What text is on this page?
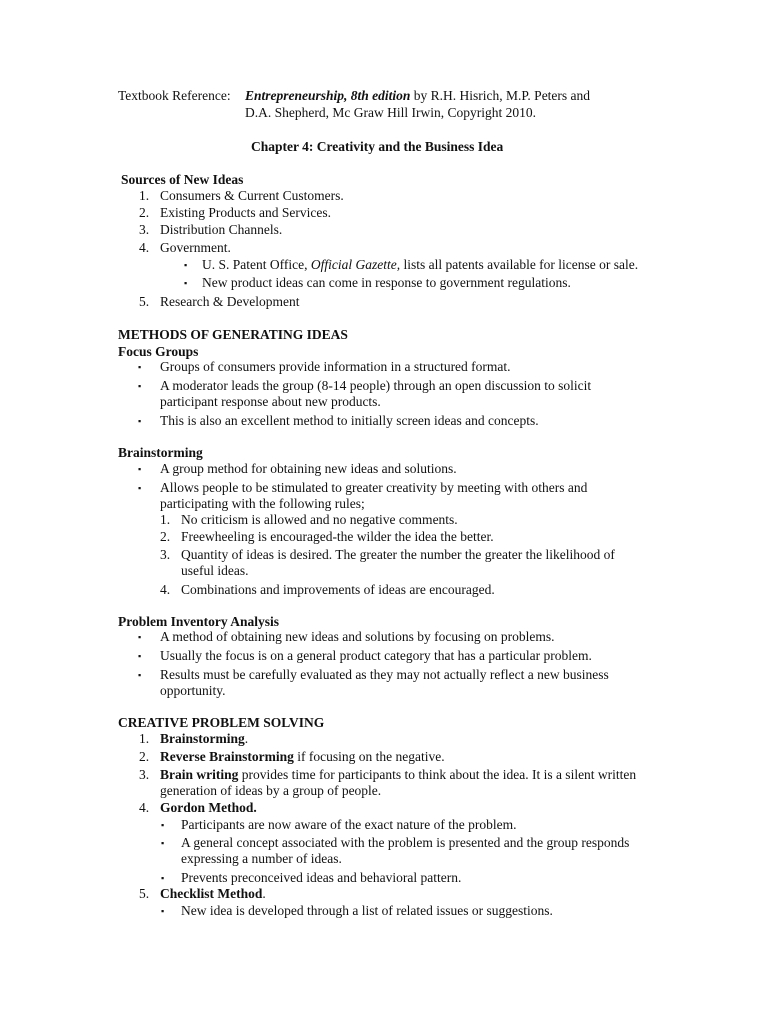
Textbook Reference: Entrepreneurship, 8th edition by R.H. Hisrich, M.P. Peters and
D.A. Shepherd, Mc Graw Hill Irwin, Copyright 2010.
Chapter 4: Creativity and the Business Idea
Sources of New Ideas
1. Consumers & Current Customers.
2. Existing Products and Services.
3. Distribution Channels.
4. Government.
▪ U. S. Patent Office, Official Gazette, lists all patents available for license or sale.
▪ New product ideas can come in response to government regulations.
5. Research & Development
METHODS OF GENERATING IDEAS
Focus Groups
▪ Groups of consumers provide information in a structured format.
▪ A moderator leads the group (8-14 people) through an open discussion to solicit
participant response about new products.
▪ This is also an excellent method to initially screen ideas and concepts.
Brainstorming
▪ A group method for obtaining new ideas and solutions.
▪ Allows people to be stimulated to greater creativity by meeting with others and
participating with the following rules;
1. No criticism is allowed and no negative comments.
2. Freewheeling is encouraged-the wilder the idea the better.
3. Quantity of ideas is desired. The greater the number the greater the likelihood of
useful ideas.
4. Combinations and improvements of ideas are encouraged.
Problem Inventory Analysis
▪ A method of obtaining new ideas and solutions by focusing on problems.
▪ Usually the focus is on a general product category that has a particular problem.
▪ Results must be carefully evaluated as they may not actually reflect a new business
opportunity.
CREATIVE PROBLEM SOLVING
1. Brainstorming.
2. Reverse Brainstorming if focusing on the negative.
3. Brain writing provides time for participants to think about the idea. It is a silent written
generation of ideas by a group of people.
4. Gordon Method.
▪ Participants are now aware of the exact nature of the problem.
▪ A general concept associated with the problem is presented and the group responds
expressing a number of ideas.
▪ Prevents preconceived ideas and behavioral pattern.
5. Checklist Method.
▪ New idea is developed through a list of related issues or suggestions.
